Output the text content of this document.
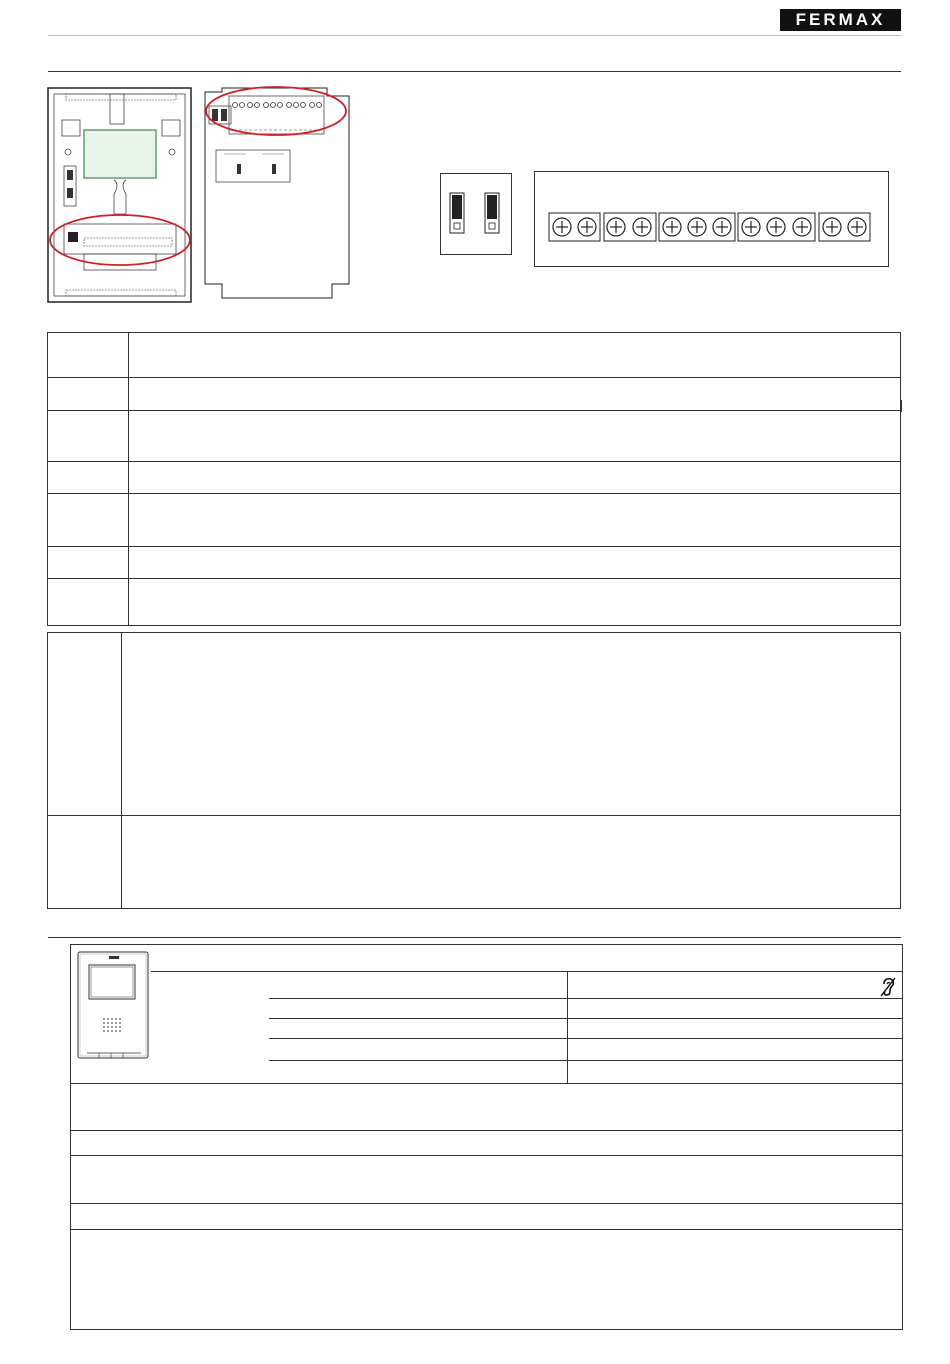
FERMAX
